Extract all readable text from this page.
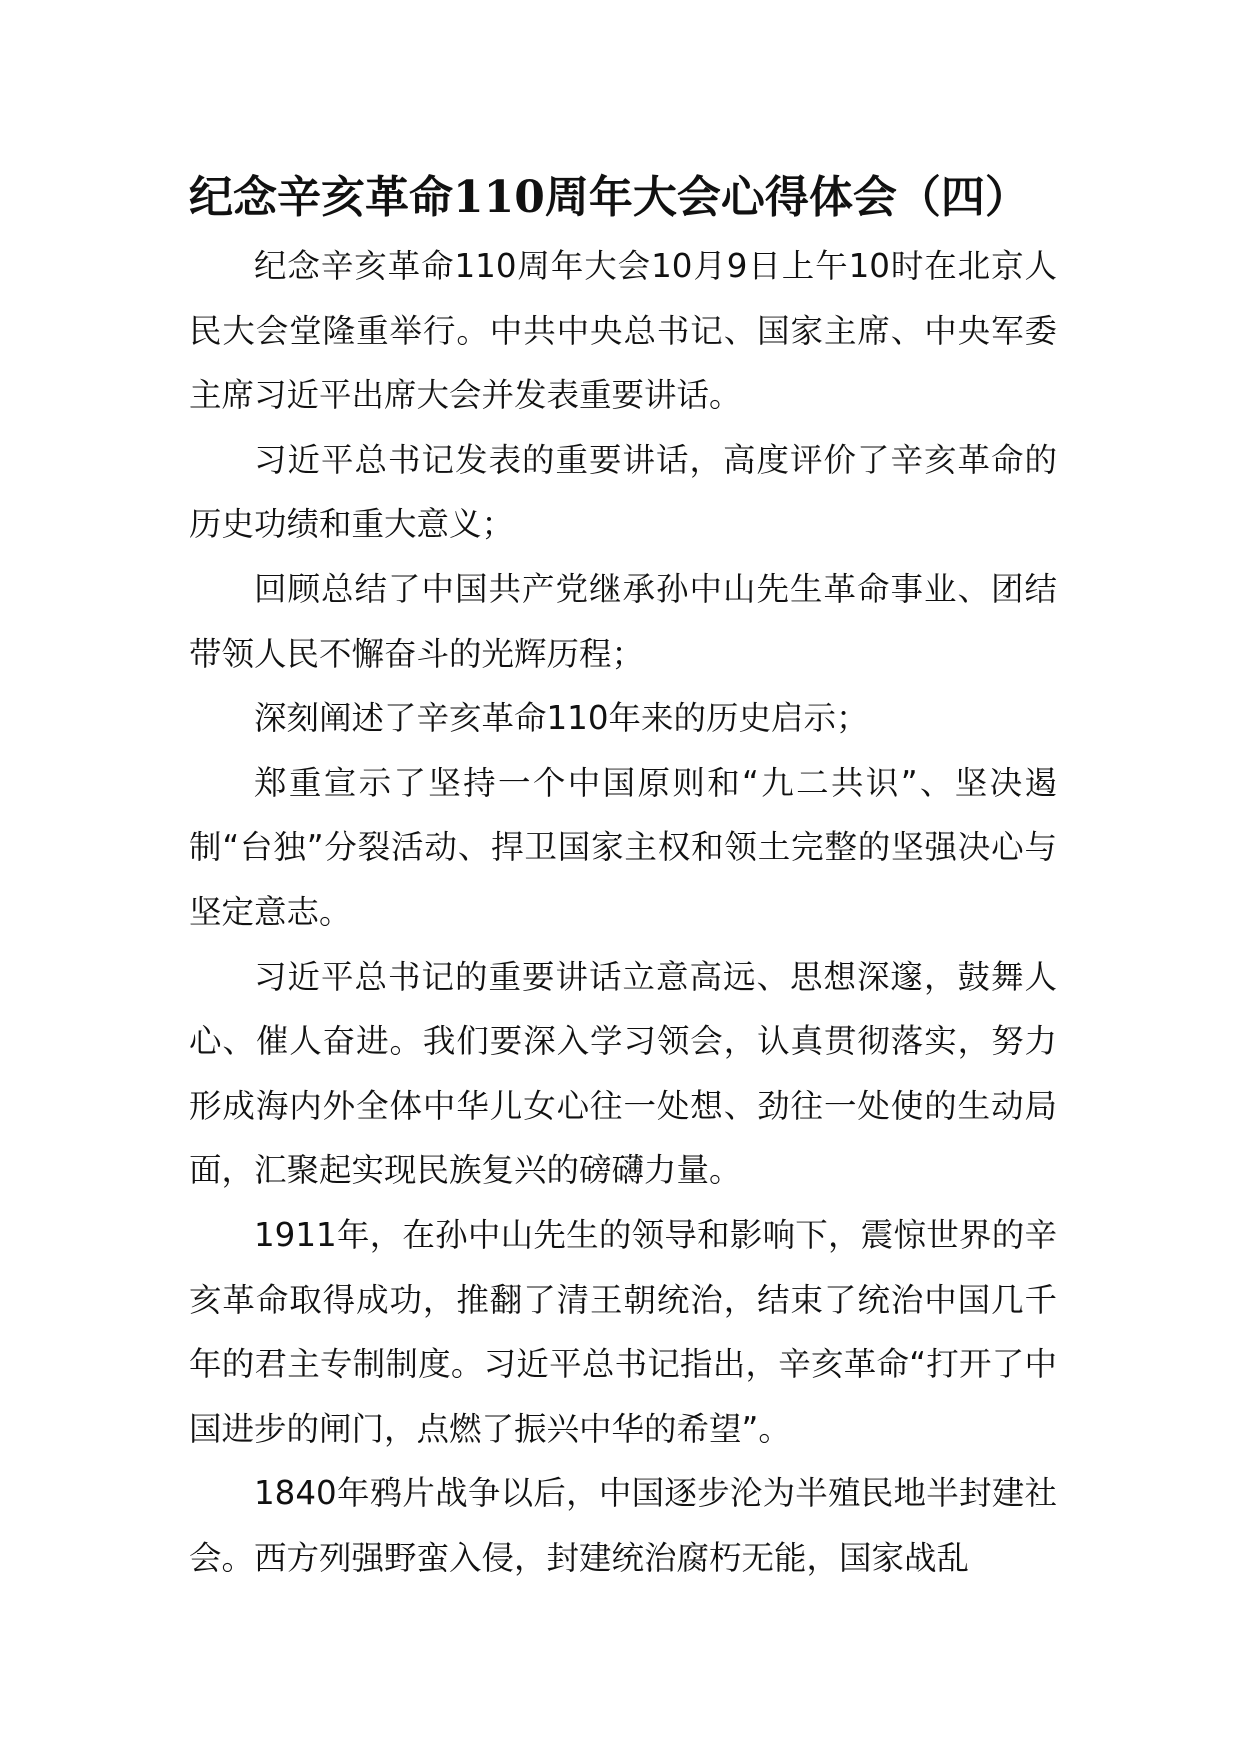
纪念辛亥革命110周年大会心得体会（四）

纪念辛亥革命110周年大会10月9日上午10时在北京人民大会堂隆重举行。中共中央总书记、国家主席、中央军委主席习近平出席大会并发表重要讲话。

习近平总书记发表的重要讲话，高度评价了辛亥革命的历史功绩和重大意义；

回顾总结了中国共产党继承孙中山先生革命事业、团结带领人民不懈奋斗的光辉历程；

深刻阐述了辛亥革命110年来的历史启示；

郑重宣示了坚持一个中国原则和“九二共识”、坚决遏制“台独”分裂活动、捍卫国家主权和领土完整的坚强决心与坚定意志。

习近平总书记的重要讲话立意高远、思想深邃，鼓舞人心、催人奋进。我们要深入学习领会，认真贯彻落实，努力形成海内外全体中华儿女心往一处想、劲往一处使的生动局面，汇聚起实现民族复兴的磅礴力量。

1911年，在孙中山先生的领导和影响下，震惊世界的辛亥革命取得成功，推翻了清王朝统治，结束了统治中国几千年的君主专制制度。习近平总书记指出，辛亥革命“打开了中国进步的闸门，点燃了振兴中华的希望”。

1840年鸦片战争以后，中国逐步沦为半殖民地半封建社会。西方列强野蛮入侵，封建统治腐朽无能，国家战乱
